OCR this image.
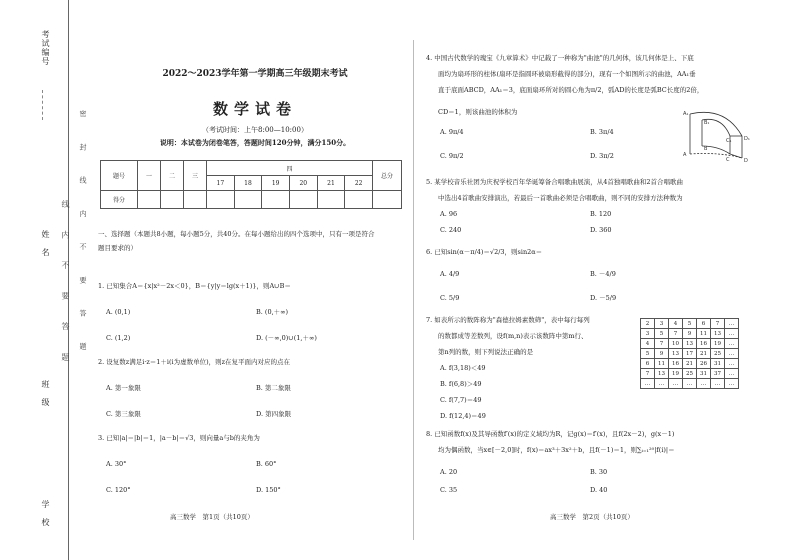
考试编号
姓　名
班　级
学　校
线 内 不 要 答 题 密 封 线 内 不 要 答 题
2022～2023学年第一学期高三年级期末考试
数学试卷
（考试时间：上午8:00—10:00）
说明：本试卷为闭卷笔答，答题时间120分钟，满分150分。
题号	一	二	三	四						总分
				17	18	19	20	21	22	
得分										
一、选择题（本题共8小题，每小题5分，共40分。在每小题给出的四个选项中，只有一项是符合
题目要求的）
1. 已知集合A＝{x|x²－2x＜0}，B＝{y|y＝lg(x＋1)}，则A∪B＝
A. (0,1)	B. (0,＋∞)
C. (1,2)	D. (－∞,0)∪(1,＋∞)
2. 设复数z满足i·z＝1＋i(i为虚数单位)，则z在复平面内对应的点在
A. 第一象限	B. 第二象限
C. 第三象限	D. 第四象限
3. 已知|a|＝|b|＝1，|a－b|＝√3，则向量a与b的夹角为
A. 30°	B. 60°
C. 120°	D. 150°
高三数学　第1页（共10页）
4. 中国古代数学的瑰宝《九章算术》中记载了一种称为"曲池"的几何体，该几何体是上、下底
面均为扇环形的柱体(扇环是指圆环被扇形截得的部分)，现有一个如图所示的曲池，AA₁垂
直于底面ABCD，AA₁＝3，底面扇环所对的圆心角为π/2，弧AD的长度是弧BC长度的2倍，
CD＝1，则该曲池的体积为
A. 9π/4	B. 3π/4
C. 9π/2	D. 3π/2
A₁
B₁
A
B
C₁	D₁
C	D
5. 某学校音乐社团为庆祝学校百年华诞筹备合唱歌曲展演，从4首独唱歌曲和2首合唱歌曲
中选出4首歌曲安排演出，若最后一首歌曲必须是合唱歌曲，则不同的安排方法种数为
A. 96	B. 120
C. 240	D. 360
6. 已知sin(α－π/4)＝√2/3，则sin2α＝
A. 4/9	B. －4/9
C. 5/9	D. －5/9
7. 如表所示的数阵称为"森德拉姆素数筛"，表中每行每列
的数都成等差数列，设f(m,n)表示该数阵中第m行、
第n列的数，则下列说法正确的是
A. f(3,18)＜49
B. f(6,8)＞49
C. f(7,7)＝49
D. f(12,4)＝49
2	3	4	5	6	7	…
3	5	7	9	11	13	…
4	7	10	13	16	19	…
5	9	13	17	21	25	…
6	11	16	21	26	31	…
7	13	19	25	31	37	…
…	…	…	…	…	…	…
8. 已知函数f(x)及其导函数f′(x)的定义域均为R，记g(x)＝f′(x)，且f(2x－2)，g(x－1)
均为偶函数，当x∈[－2,0]时，f(x)＝ax³＋3x²＋b，且f(－1)＝1，则∑ᵢ₌₁²⁰|f(i)|＝
A. 20	B. 30
C. 35	D. 40
高三数学　第2页（共10页）
